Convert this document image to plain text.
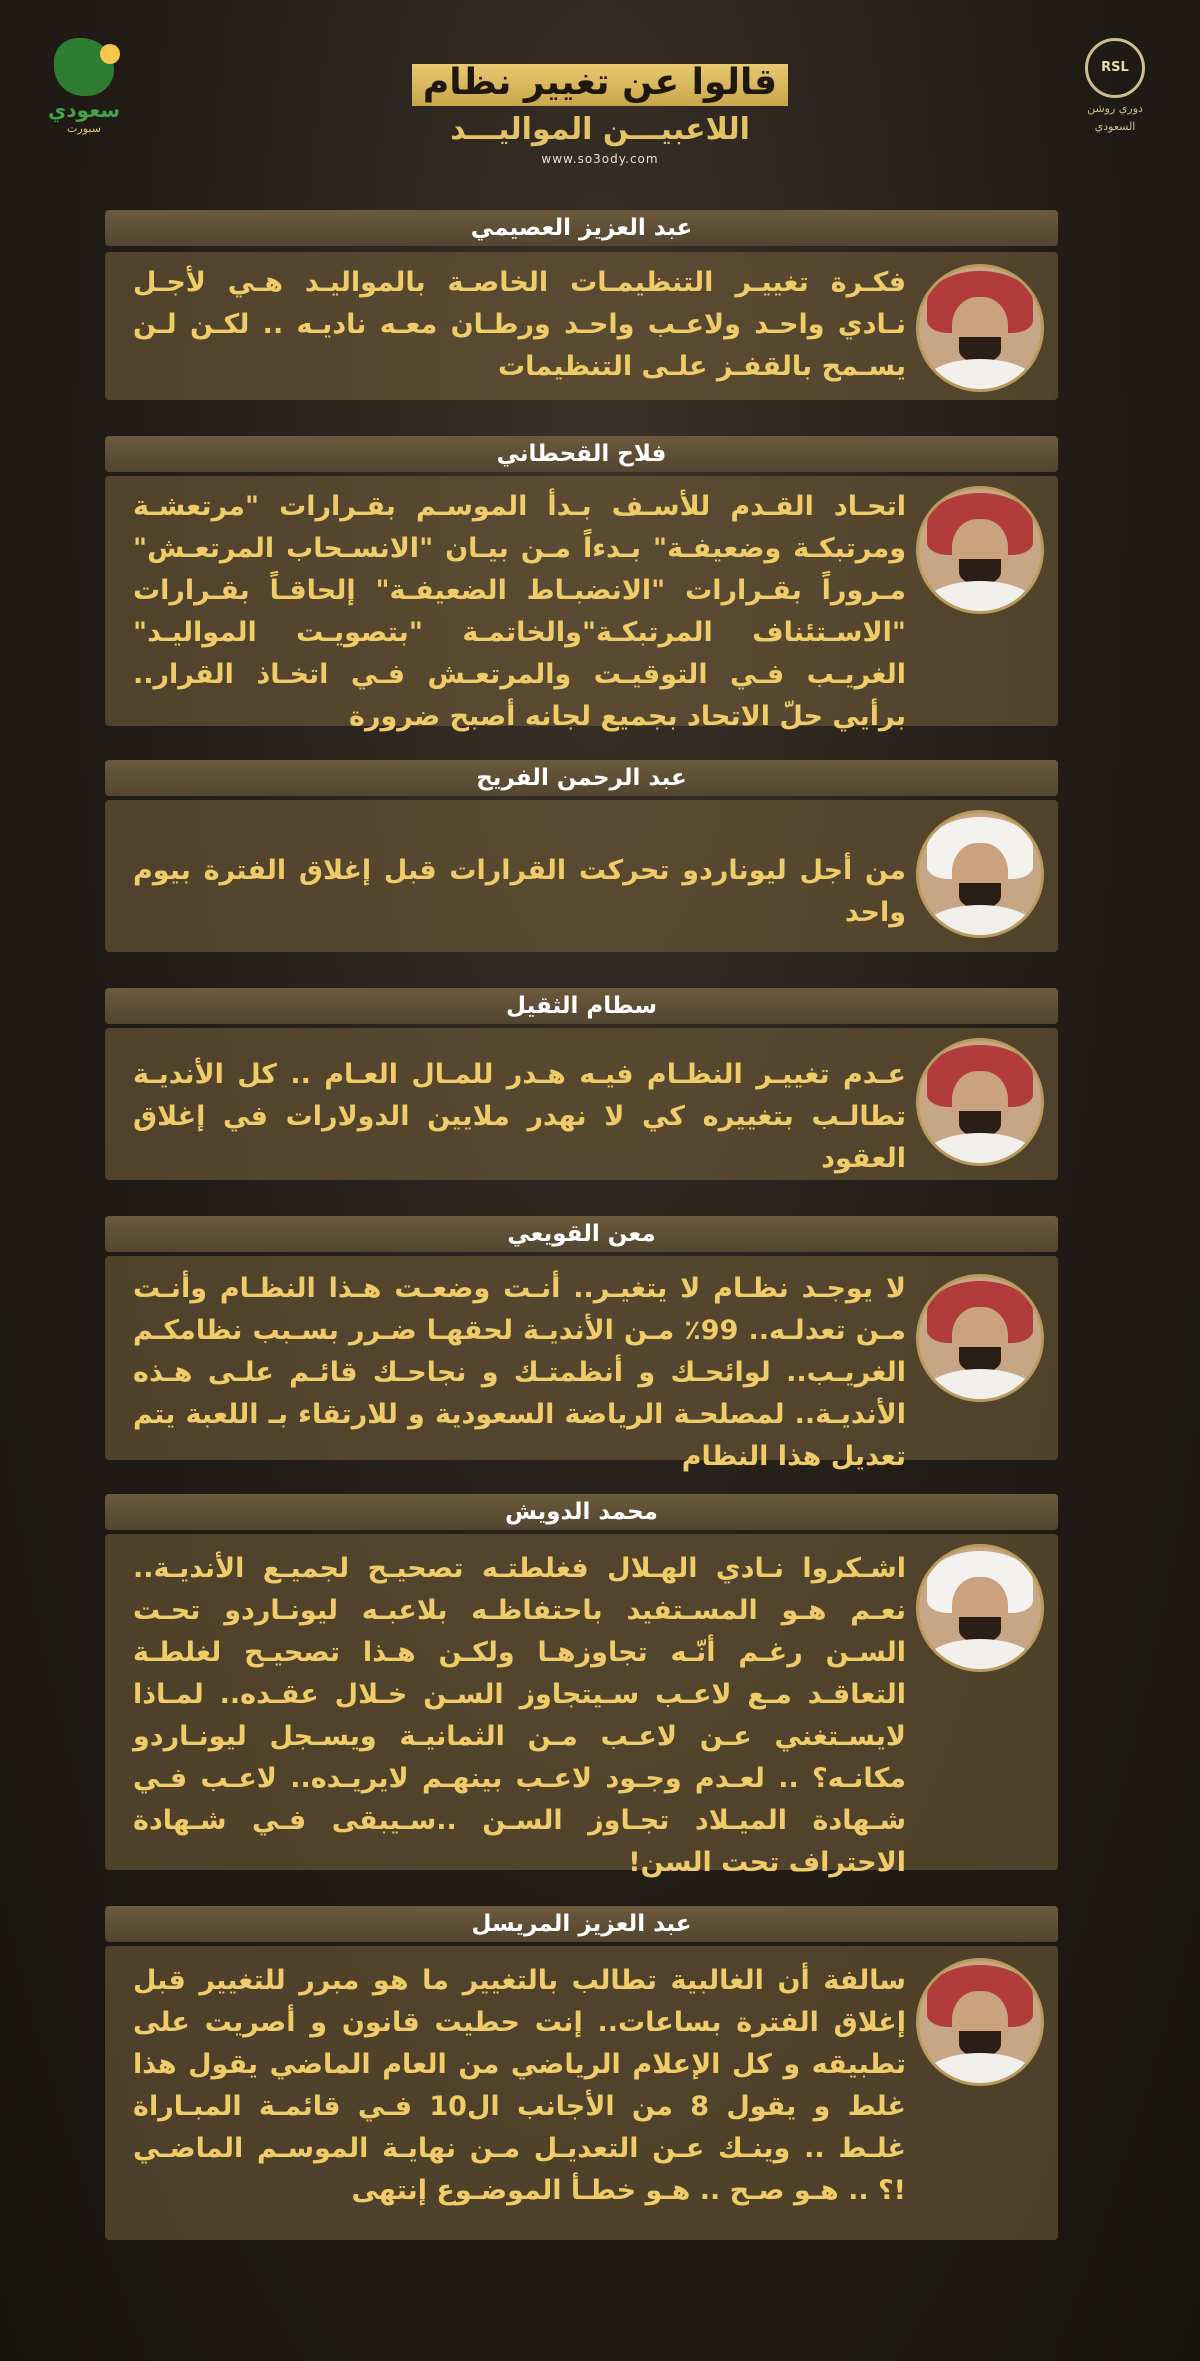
سعودي
سبورت
قالوا عن تغيير نظام
اللاعبيـــن المواليـــد
www.so3ody.com
RSL
دوري روشن
السعودي
عبد العزيز العصيمي
فكـرة تغييـر التنظيمـات الخاصـة بالمواليـد هـي لأجـل نـادي واحـد ولاعـب واحـد ورطـان معـه ناديـه .. لكـن لـن يسـمح بالقفـز علـى التنظيمات
فلاح القحطاني
اتحـاد القـدم للأسـف بـدأ الموسـم بقـرارات "مرتعشـة ومرتبكـة وضعيفـة" بـدءاً مـن بيـان "الانسـحاب المرتعـش" مـروراً بقـرارات "الانضبـاط الضعيفـة" إلحاقـاً بقـرارات "الاسـتئناف المرتبكـة"والخاتمـة "بتصويـت المواليـد" الغريـب فـي التوقيـت والمرتعـش فـي اتخـاذ القرار.. برأيي حلّ الاتحاد بجميع لجانه أصبح ضرورة
عبد الرحمن الفريح
من أجل ليوناردو تحركت القرارات قبل إغلاق الفترة بيوم واحد
سطام الثقيل
عـدم تغييـر النظـام فيـه هـدر للمـال العـام .. كل الأنديـة تطالـب بتغييره كي لا نهدر ملايين الدولارات في إغلاق العقود
معن القويعي
لا يوجـد نظـام لا يتغيـر.. أنـت وضعـت هـذا النظـام وأنـت مـن تعدلـه.. 99٪ مـن الأنديـة لحقهـا ضـرر بسـبب نظامكـم الغريـب.. لوائحـك و أنظمتـك و نجاحـك قائـم علـى هـذه الأنديـة.. لمصلحـة الرياضة السعودية و للارتقاء بـ اللعبة يتم تعديل هذا النظام
محمد الدويش
اشـكروا نـادي الهـلال فغلطتـه تصحيـح لجميـع الأنديـة.. نعـم هـو المسـتفيد باحتفاظـه بلاعبـه ليونـاردو تحـت السـن رغـم أنّـه تجاوزهـا ولكـن هـذا تصحيـح لغلطـة التعاقـد مـع لاعـب سـيتجاوز السـن خـلال عقـده.. لمـاذا لايسـتغني عـن لاعـب مـن الثمانيـة ويسـجل ليونـاردو مكانـه؟ .. لعـدم وجـود لاعـب بينهـم لايريـده.. لاعـب فـي شـهادة الميـلاد تجـاوز السـن ..سـيبقى فـي شـهادة الاحتراف تحت السن!
عبد العزيز المريسل
سالفة أن الغالبية تطالب بالتغيير ما هو مبرر للتغيير قبل إغلاق الفترة بساعات.. إنت حطيت قانون و أصريت على تطبيقه و كل الإعلام الرياضي من العام الماضي يقول هذا غلط و يقول 8 من الأجانب ال10 فـي قائمـة المبـاراة غلـط .. وينـك عـن التعديـل مـن نهايـة الموسـم الماضـي !؟ .. هـو صـح .. هـو خطـأ الموضـوع إنتهى
